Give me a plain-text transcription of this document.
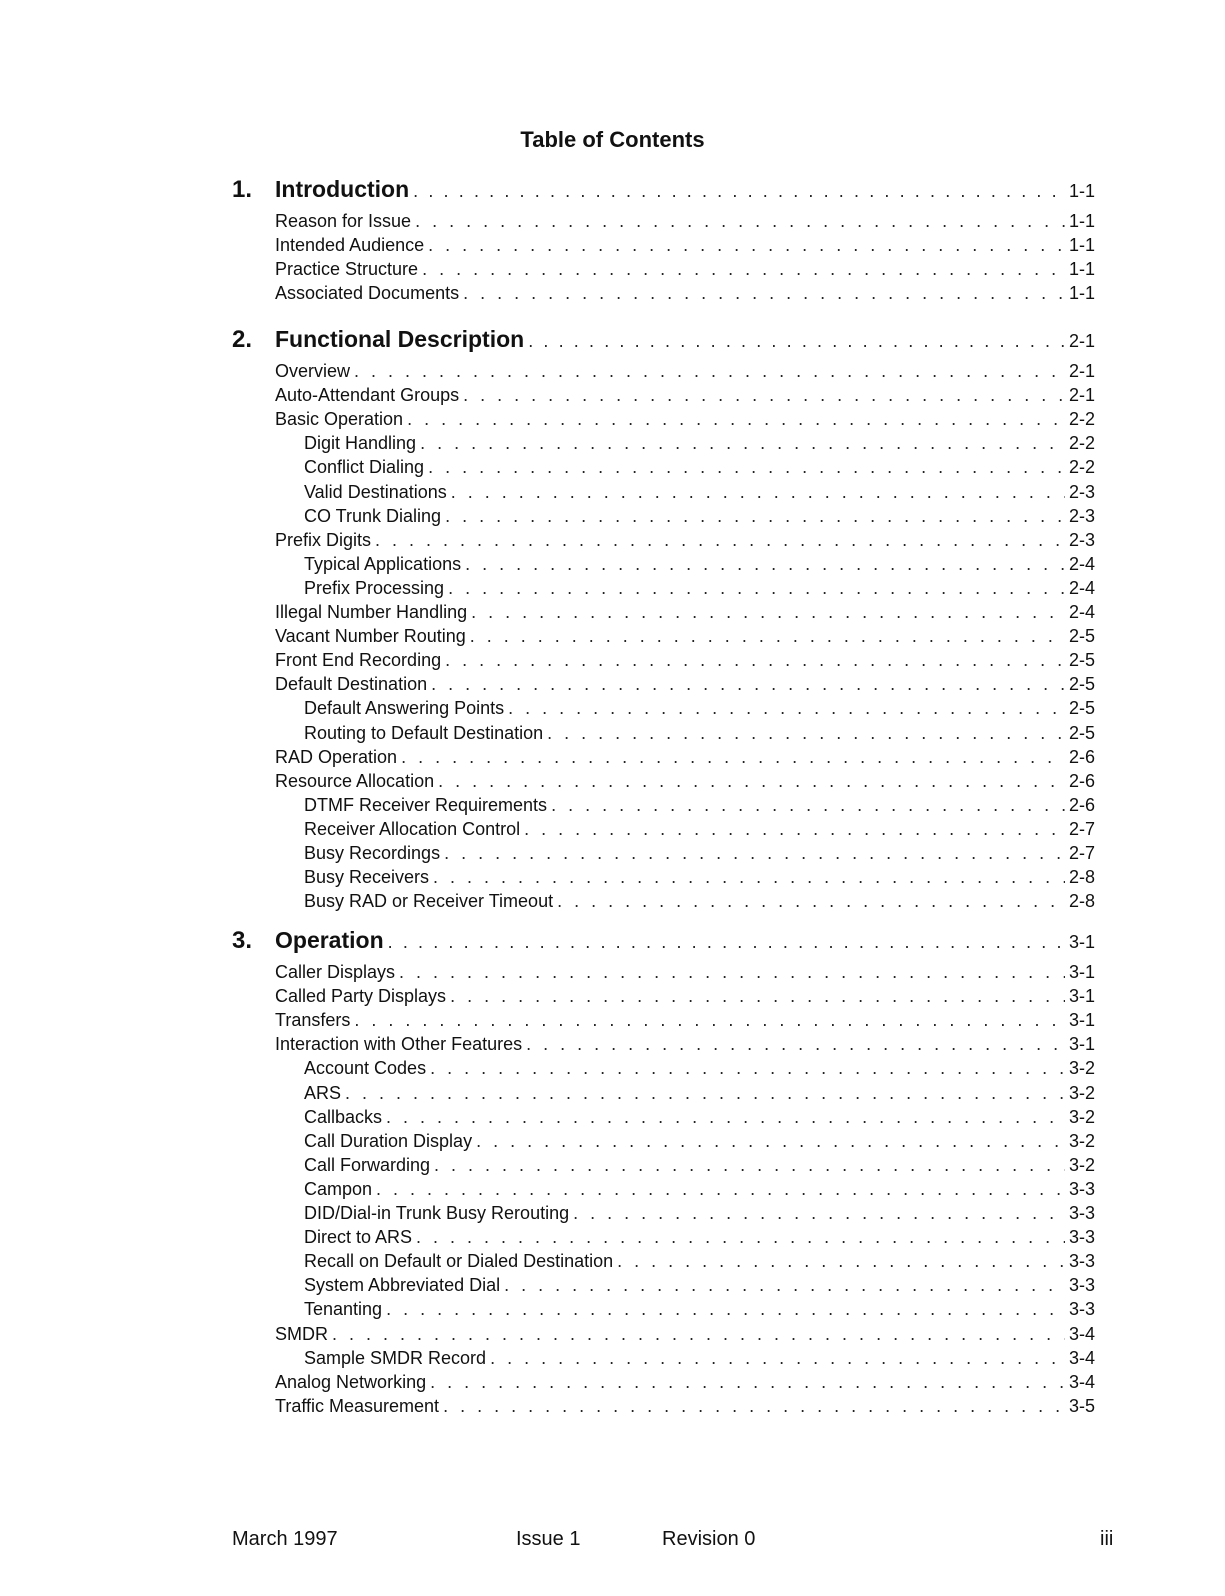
Table of Contents
1. Introduction . . .	1-1
Reason for Issue . . .	1-1
Intended Audience . . .	1-1
Practice Structure . . .	1-1
Associated Documents . . .	1-1
2. Functional Description . . .	2-1
Overview . . .	2-1
Auto-Attendant Groups . . .	2-1
Basic Operation . . .	2-2
Digit Handling . . .	2-2
Conflict Dialing . . .	2-2
Valid Destinations . . .	2-3
CO Trunk Dialing . . .	2-3
Prefix Digits . . .	2-3
Typical Applications . . .	2-4
Prefix Processing . . .	2-4
Illegal Number Handling . . .	2-4
Vacant Number Routing . . .	2-5
Front End Recording . . .	2-5
Default Destination . . .	2-5
Default Answering Points . . .	2-5
Routing to Default Destination . . .	2-5
RAD Operation . . .	2-6
Resource Allocation . . .	2-6
DTMF Receiver Requirements . . .	2-6
Receiver Allocation Control . . .	2-7
Busy Recordings . . .	2-7
Busy Receivers . . .	2-8
Busy RAD or Receiver Timeout . . .	2-8
3. Operation . . .	3-1
Caller Displays . . .	3-1
Called Party Displays . . .	3-1
Transfers . . .	3-1
Interaction with Other Features . . .	3-1
Account Codes . . .	3-2
ARS . . .	3-2
Callbacks . . .	3-2
Call Duration Display . . .	3-2
Call Forwarding . . .	3-2
Campon . . .	3-3
DID/Dial-in Trunk Busy Rerouting . . .	3-3
Direct to ARS . . .	3-3
Recall on Default or Dialed Destination . . .	3-3
System Abbreviated Dial . . .	3-3
Tenanting . . .	3-3
SMDR . . .	3-4
Sample SMDR Record . . .	3-4
Analog Networking . . .	3-4
Traffic Measurement . . .	3-5
March 1997	Issue 1	Revision 0	iii
